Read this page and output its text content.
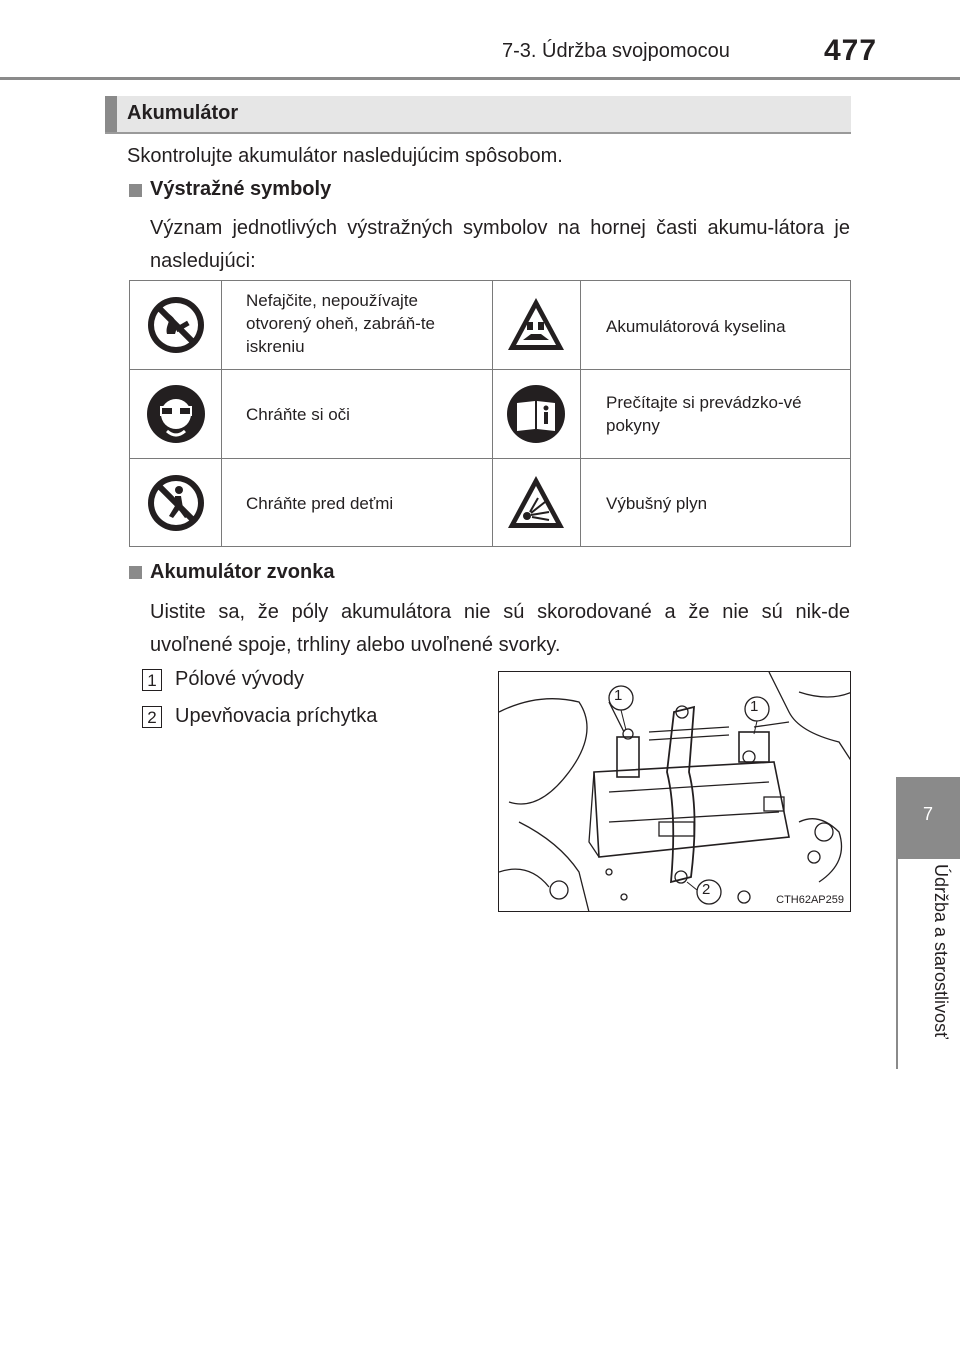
7-3. Údržba svojpomocou	477
7
Údržba a starostlivosť
Akumulátor
Skontrolujte akumulátor nasledujúcim spôsobom.
Výstražné symboly
Význam jednotlivých výstražných symbolov na hornej časti akumu-látora je nasledujúci:
Nefajčite, nepoužívajte otvorený oheň, zabráň-te iskreniu
Akumulátorová kyselina
Chráňte si oči
Prečítajte si prevádzko-vé pokyny
Chráňte pred deťmi	Výbušný plyn
Akumulátor zvonka
Uistite sa, že póly akumulátora nie sú skorodované a že nie sú nik-de uvoľnené spoje, trhliny alebo uvoľnené svorky.
1 Pólové vývody
2 Upevňovacia príchytka
1
1
2
CTH62AP259
